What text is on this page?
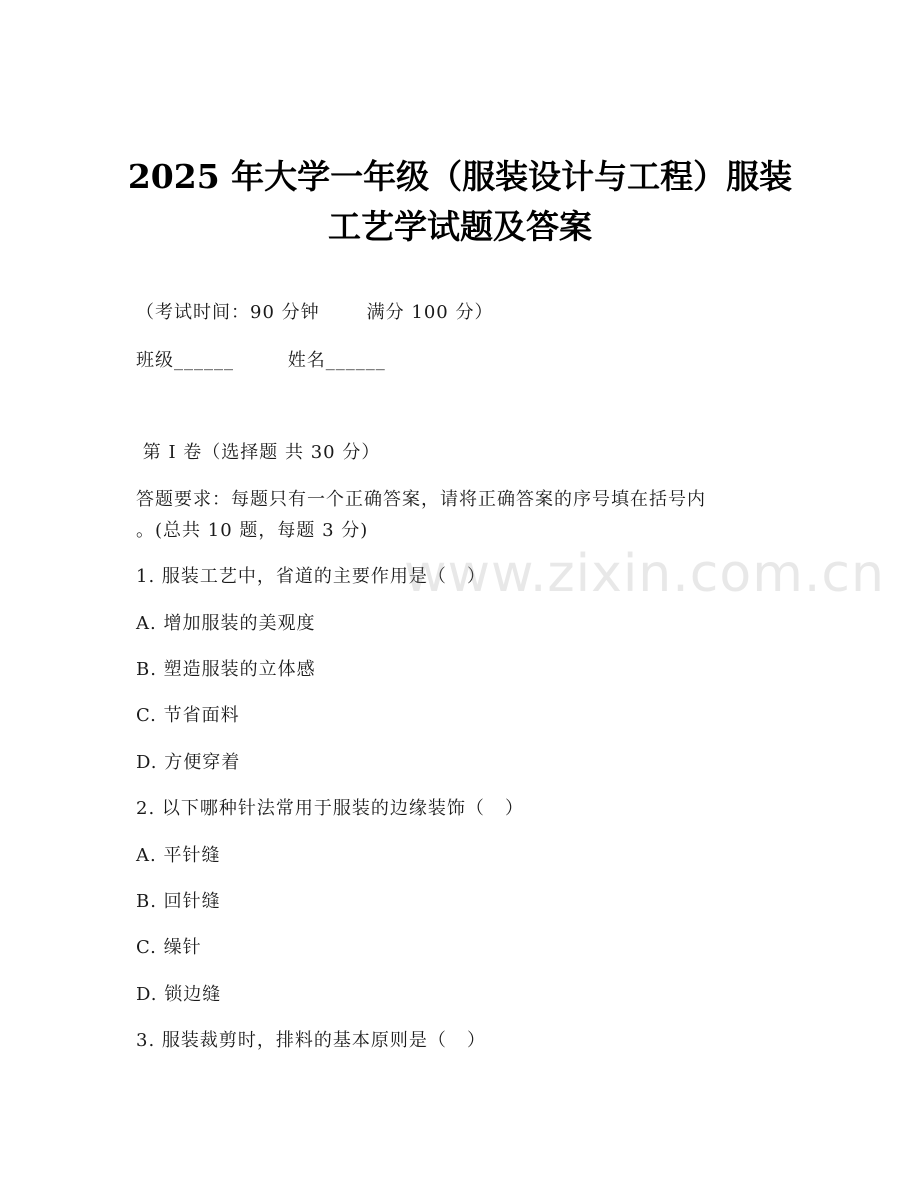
2025 年大学一年级（服装设计与工程）服装
工艺学试题及答案
（考试时间：90 分钟       满分 100 分）
班级______        姓名______
第 Ⅰ 卷（选择题 共 30 分）
答题要求：每题只有一个正确答案，请将正确答案的序号填在括号内
。(总共 10 题，每题 3 分)
1. 服装工艺中，省道的主要作用是（   ）
A. 增加服装的美观度
B. 塑造服装的立体感
C. 节省面料
D. 方便穿着
2. 以下哪种针法常用于服装的边缘装饰（   ）
A. 平针缝
B. 回针缝
C. 缲针
D. 锁边缝
3. 服装裁剪时，排料的基本原则是（   ）
www.zixin.com.cn
